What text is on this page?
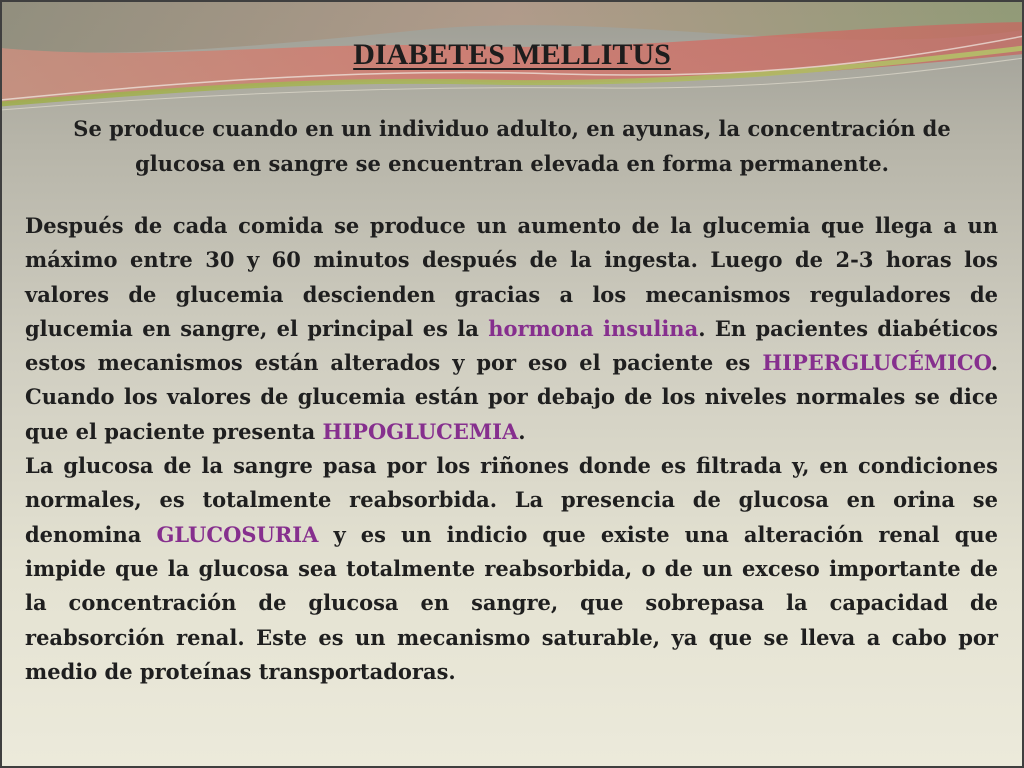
DIABETES MELLITUS

Se produce cuando en un individuo adulto, en ayunas, la concentración de glucosa en sangre se encuentran elevada en forma permanente.

Después de cada comida se produce un aumento de la glucemia que llega a un máximo entre 30 y 60 minutos después de la ingesta. Luego de 2-3 horas los valores de glucemia descienden gracias a los mecanismos reguladores de glucemia en sangre, el principal es la hormona insulina. En pacientes diabéticos estos mecanismos están alterados y por eso el paciente es HIPERGLUCÉMICO. Cuando los valores de glucemia están por debajo de los niveles normales se dice que el paciente presenta HIPOGLUCEMIA.

La glucosa de la sangre pasa por los riñones donde es filtrada y, en condiciones normales, es totalmente reabsorbida. La presencia de glucosa en orina se denomina GLUCOSURIA y es un indicio que existe una alteración renal que impide que la glucosa sea totalmente reabsorbida, o de un exceso importante de la concentración de glucosa en sangre, que sobrepasa la capacidad de reabsorción renal. Este es un mecanismo saturable, ya que se lleva a cabo por medio de proteínas transportadoras.
